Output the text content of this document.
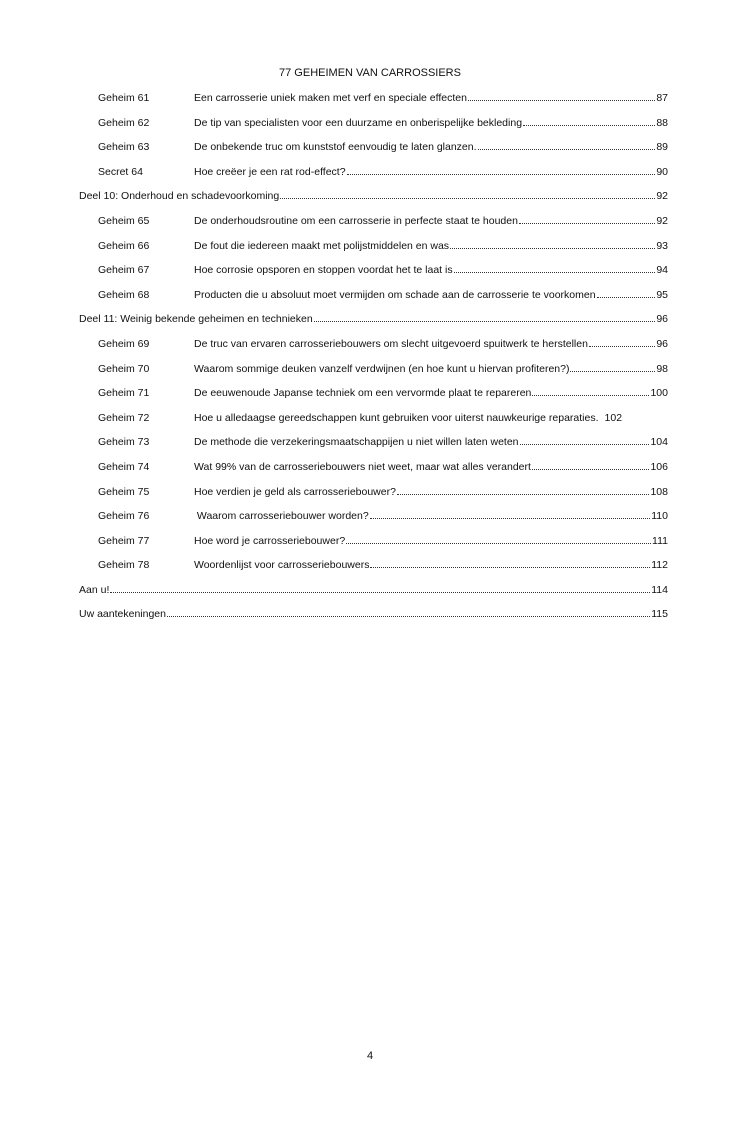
77 GEHEIMEN VAN CARROSSIERS
Geheim 61	Een carrosserie uniek maken met verf en speciale effecten	87
Geheim 62	De tip van specialisten voor een duurzame en onberispelijke bekleding	88
Geheim 63	De onbekende truc om kunststof eenvoudig te laten glanzen.	89
Secret 64	Hoe creëer je een rat rod-effect?	90
Deel 10: Onderhoud en schadevoorkoming	92
Geheim 65	De onderhoudsroutine om een carrosserie in perfecte staat te houden	92
Geheim 66	De fout die iedereen maakt met polijstmiddelen en was	93
Geheim 67	Hoe corrosie opsporen en stoppen voordat het te laat is	94
Geheim 68	Producten die u absoluut moet vermijden om schade aan de carrosserie te voorkomen	95
Deel 11: Weinig bekende geheimen en technieken	96
Geheim 69	De truc van ervaren carrosseriebouwers om slecht uitgevoerd spuitwerk te herstellen	96
Geheim 70	Waarom sommige deuken vanzelf verdwijnen (en hoe kunt u hiervan profiteren?)	98
Geheim 71	De eeuwenoude Japanse techniek om een vervormde plaat te repareren	100
Geheim 72	Hoe u alledaagse gereedschappen kunt gebruiken voor uiterst nauwkeurige reparaties. 102
Geheim 73	De methode die verzekeringsmaatschappijen u niet willen laten weten	104
Geheim 74	Wat 99% van de carrosseriebouwers niet weet, maar wat alles verandert	106
Geheim 75	Hoe verdien je geld als carrosseriebouwer?	108
Geheim 76	Waarom carrosseriebouwer worden?	110
Geheim 77	Hoe word je carrosseriebouwer?	111
Geheim 78	Woordenlijst voor carrosseriebouwers	112
Aan u!	114
Uw aantekeningen	115
4
